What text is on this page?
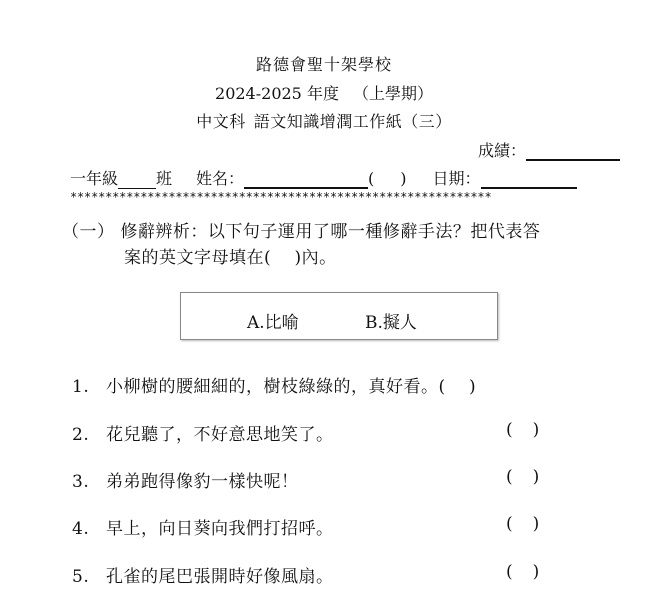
路德會聖十架學校
2024-2025 年度 （上學期）
中文科 語文知識增潤工作紙（三）
成績：
一年級 班 姓名：	( ) 日期：
************************************************************
（一） 修辭辨析：以下句子運用了哪一種修辭手法？把代表答
案的英文字母填在(　 )內。
A.比喻	B.擬人
1. 小柳樹的腰細細的，樹枝綠綠的，真好看。( 　)
2. 花兒聽了，不好意思地笑了。	( )
3. 弟弟跑得像豹一樣快呢！	( )
4. 早上，向日葵向我們打招呼。	( )
5. 孔雀的尾巴張開時好像風扇。	( )
